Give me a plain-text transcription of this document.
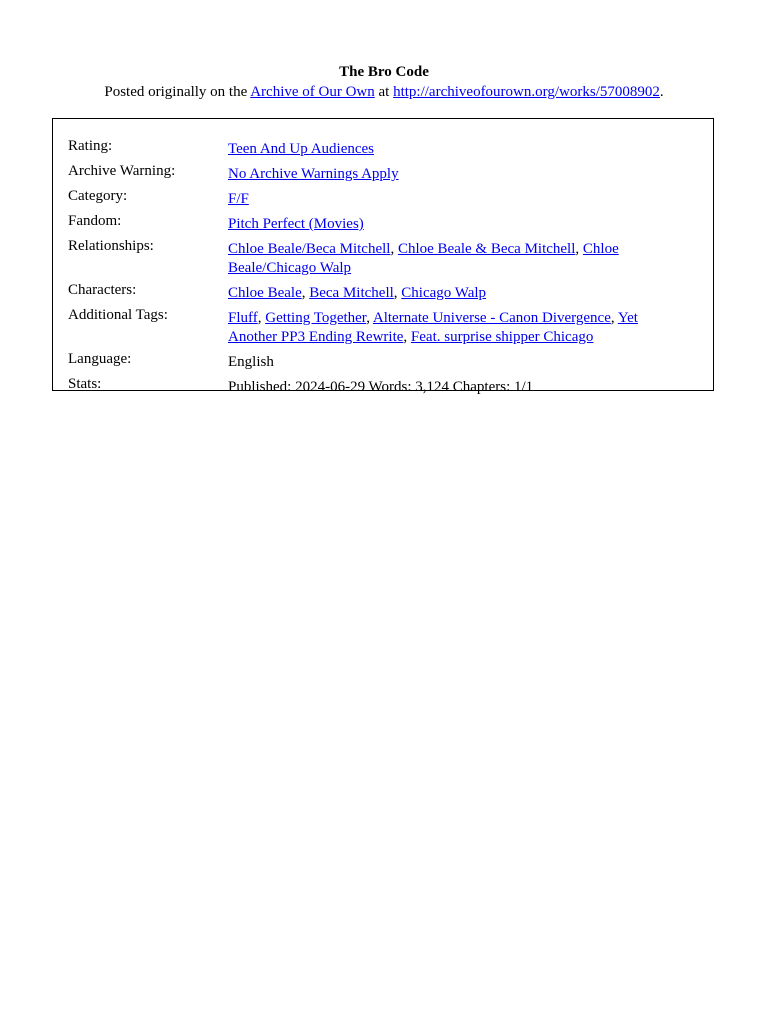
The Bro Code

Posted originally on the Archive of Our Own at http://archiveofourown.org/works/57008902.

Rating:	Teen And Up Audiences
Archive Warning:	No Archive Warnings Apply
Category:	F/F
Fandom:	Pitch Perfect (Movies)
Relationships:	Chloe Beale/Beca Mitchell, Chloe Beale & Beca Mitchell, Chloe Beale/Chicago Walp
Characters:	Chloe Beale, Beca Mitchell, Chicago Walp
Additional Tags:	Fluff, Getting Together, Alternate Universe - Canon Divergence, Yet Another PP3 Ending Rewrite, Feat. surprise shipper Chicago
Language:	English
Stats:	Published: 2024-06-29 Words: 3,124 Chapters: 1/1
